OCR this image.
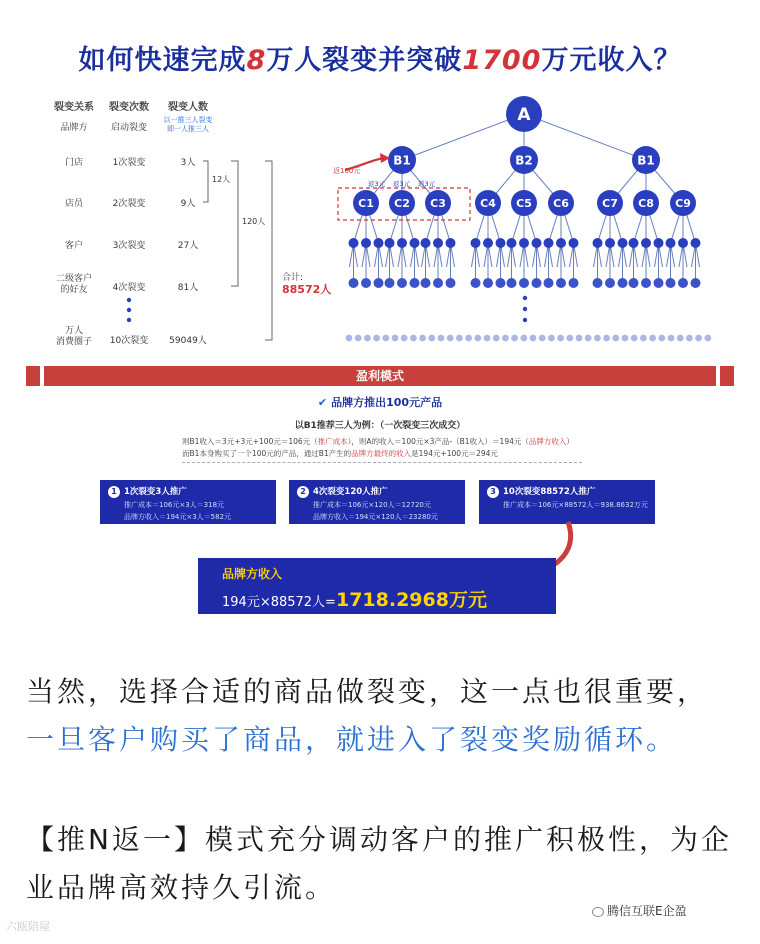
如何快速完成8万人裂变并突破1700万元收入？
裂变关系	裂变次数	裂变人数
品牌方	启动裂变
以一推三人裂变
即一人推三人
门店	1次裂变	3人
店员	2次裂变	9人
客户	3次裂变	27人
二级客户
的好友	4次裂变	81人
万人
消费圈子	10次裂变	59049人
12人
120人
合计:
88572人
A
B1	B2	B1
C1 C2 C3	C4 C5 C6	C7 C8 C9
返100元
返3元 返3元 返3元
盈利模式
✔ 品牌方推出100元产品
以B1推荐三人为例：（一次裂变三次成交）
则B1收入＝3元+3元+100元＝106元（推广成本），则A的收入＝100元×3产品-（B1收入）＝194元（品牌方收入）
而B1本身购买了一个100元的产品，通过B1产生的品牌方最终的收入是194元+100元＝294元
1 1次裂变3人推广
推广成本＝106元×3人＝318元
品牌方收入＝194元×3人＝582元
2 4次裂变120人推广
推广成本＝106元×120人＝12720元
品牌方收入＝194元×120人＝23280元
3 10次裂变88572人推广
推广成本＝106元×88572人＝938.8632万元
品牌方收入
194元×88572人=1718.2968万元
当然，选择合适的商品做裂变，这一点也很重要，一旦客户购买了商品，就进入了裂变奖励循环。
【推N返一】模式充分调动客户的推广积极性，为企业品牌高效持久引流。
六瓯陪屋
腾信互联E企盈
